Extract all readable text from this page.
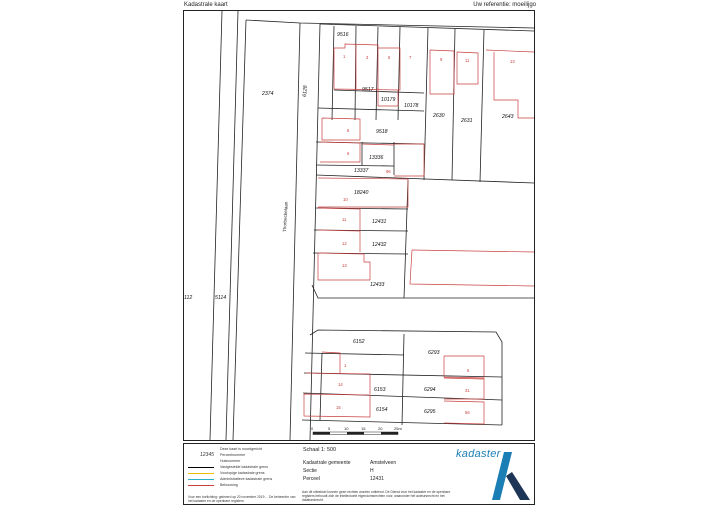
Kadastrale kaart	Uw referentie: moeilijgo
9516
9517
10179
10178
2630
2631
2643
9518
13336
13337
18240
12431
12432
12433
2374	6128
6152
6293
6153	6294
6154	6295
5114
112
1	3	5	7	9	11	13
8
6
96
10
11
12
13
1
14
15
5
31
56
Thorbeckelaan
0	5	10	15	20	25m
Deze kaart is noordgericht
12345 Perceelnummer
Huisnummer
Vastgestelde kadastrale grens
Voorlopige kadastrale grens
Administratieve kadastrale grens
Bebouwing
Voor een toelichting: geleverd op 20 november 2019 ... De beheerder van het kadaster en de openbare registers
Schaal 1: 500
Kadastrale gemeente	Amstelveen
Sectie	H
Perceel	12431
Aan dit uittreksel kunnen geen rechten worden ontleend. De Dienst voor het kadaster en de openbare registers behoudt zich de intellectuele eigendomsrechten voor, waaronder het auteursrecht en het databankrecht.
kadaster
